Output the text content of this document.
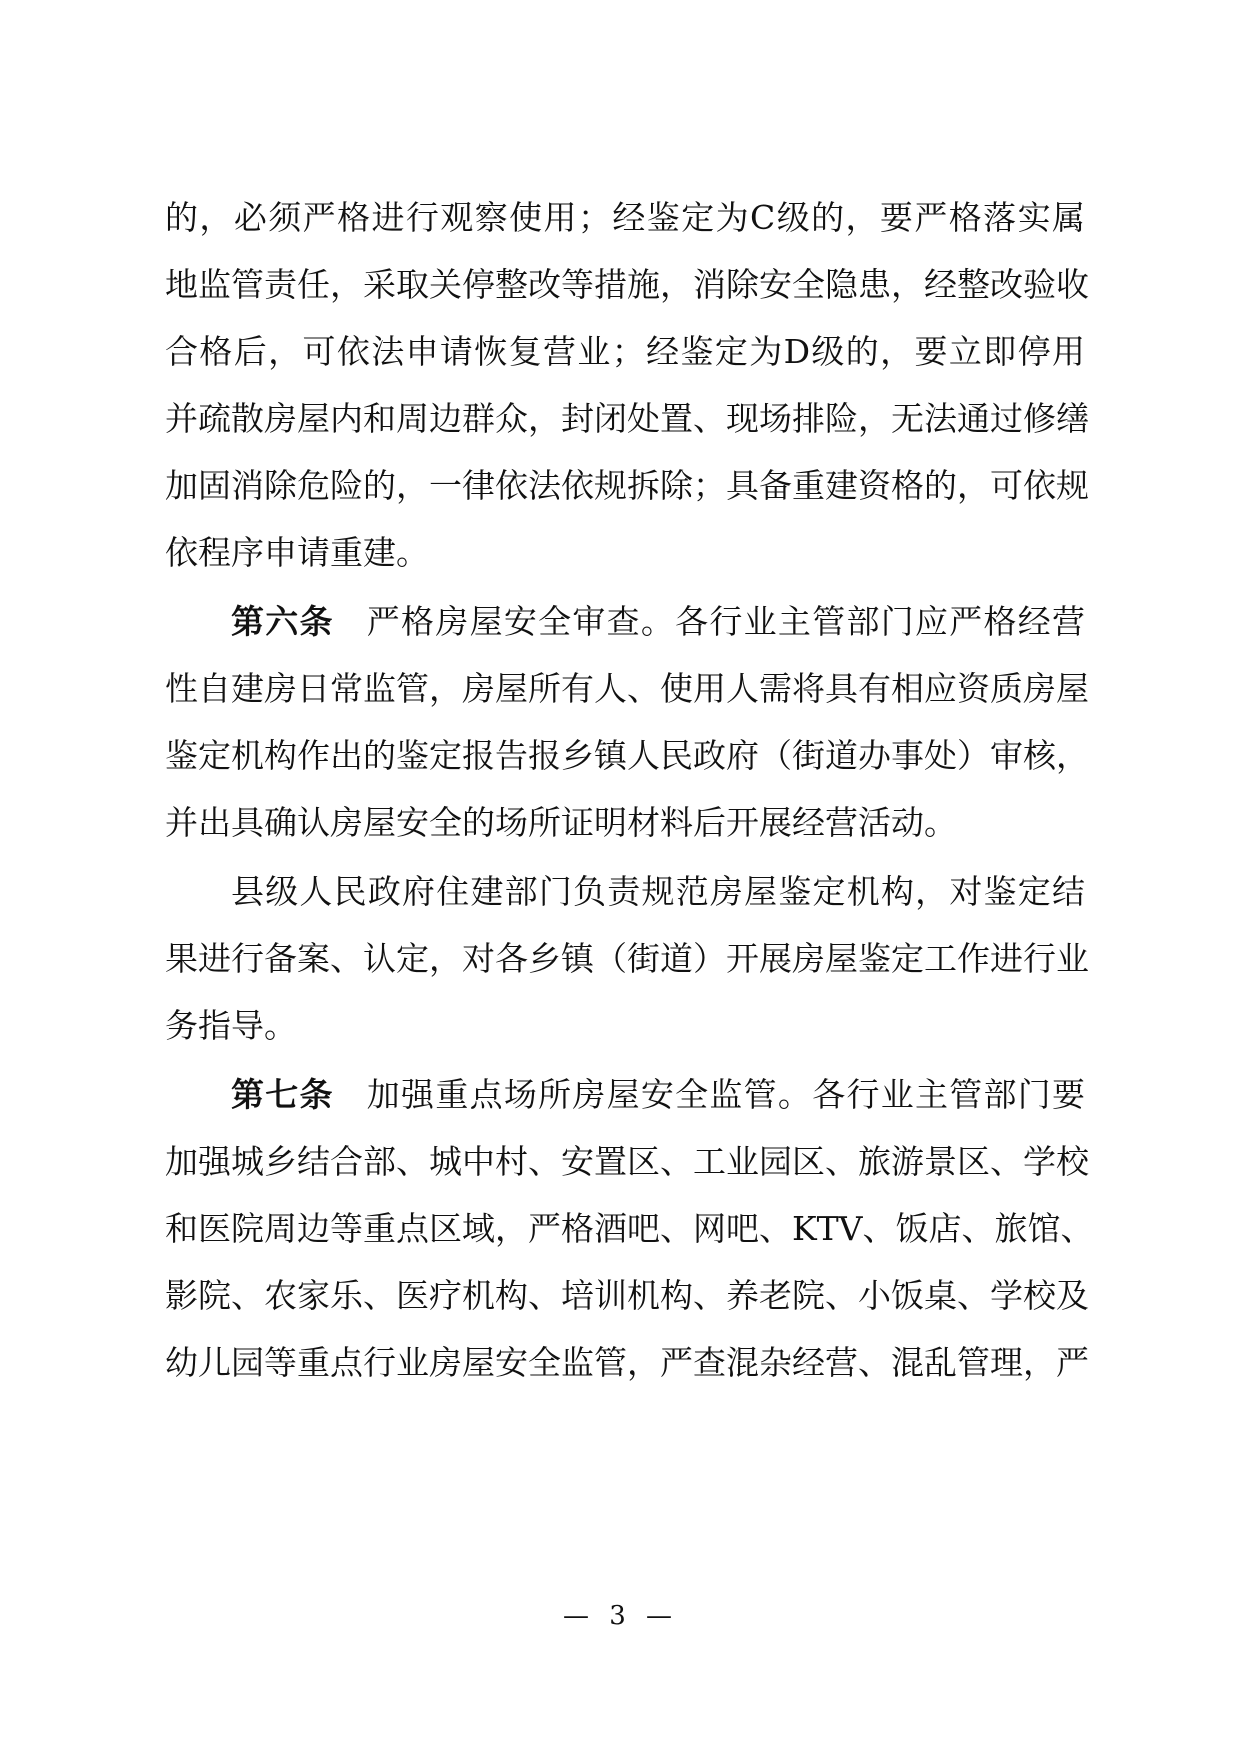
的，必须严格进行观察使用；经鉴定为C级的，要严格落实属
地监管责任，采取关停整改等措施，消除安全隐患，经整改验收
合格后，可依法申请恢复营业；经鉴定为D级的，要立即停用
并疏散房屋内和周边群众，封闭处置、现场排险，无法通过修缮
加固消除危险的，一律依法依规拆除；具备重建资格的，可依规
依程序申请重建。
第六条 严格房屋安全审查。各行业主管部门应严格经营
性自建房日常监管，房屋所有人、使用人需将具有相应资质房屋
鉴定机构作出的鉴定报告报乡镇人民政府（街道办事处）审核，
并出具确认房屋安全的场所证明材料后开展经营活动。
县级人民政府住建部门负责规范房屋鉴定机构，对鉴定结
果进行备案、认定，对各乡镇（街道）开展房屋鉴定工作进行业
务指导。
第七条 加强重点场所房屋安全监管。各行业主管部门要
加强城乡结合部、城中村、安置区、工业园区、旅游景区、学校
和医院周边等重点区域，严格酒吧、网吧、KTV、饭店、旅馆、
影院、农家乐、医疗机构、培训机构、养老院、小饭桌、学校及
幼儿园等重点行业房屋安全监管，严查混杂经营、混乱管理，严
— 3 —
